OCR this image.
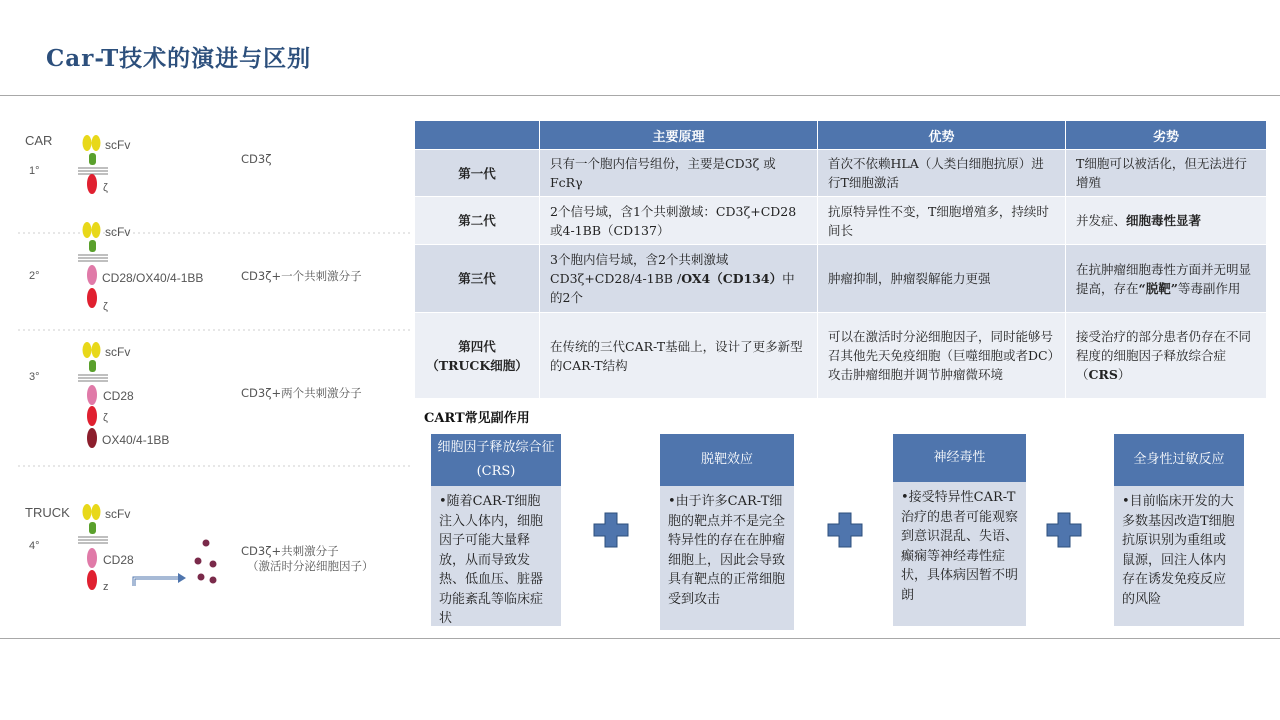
Car-T技术的演进与区别
CAR
1°
scFv
ζ
CD3ζ
2°
scFv
CD28/OX40/4-1BB
ζ
CD3ζ+一个共刺激分子
3°
scFv
CD28
ζ
OX40/4-1BB
CD3ζ+两个共刺激分子
TRUCK
4°
scFv
CD28
z
CD3ζ+共刺激分子
（激活时分泌细胞因子）
	主要原理	优势	劣势
第一代	只有一个胞内信号组份，主要是CD3ζ 或FcRγ	首次不依赖HLA（人类白细胞抗原）进行T细胞激活	T细胞可以被活化，但无法进行增殖
第二代	2个信号域，含1个共刺激域：CD3ζ+CD28或4-1BB（CD137）	抗原特异性不变，T细胞增殖多，持续时间长	并发症、细胞毒性显著
第三代	3个胞内信号域，含2个共刺激域CD3ζ+CD28/4-1BB /OX4（CD134）中的2个	肿瘤抑制，肿瘤裂解能力更强	在抗肿瘤细胞毒性方面并无明显提高，存在“脱靶”等毒副作用

第四代
（TRUCK细胞）	在传统的三代CAR-T基础上，设计了更多新型的CAR-T结构	可以在激活时分泌细胞因子，同时能够号召其他先天免疫细胞（巨噬细胞或者DC）攻击肿瘤细胞并调节肿瘤微环境	接受治疗的部分患者仍存在不同程度的细胞因子释放综合症（CRS）
CART常见副作用
细胞因子释放综合征(CRS)
•随着CAR-T细胞注入人体内，细胞因子可能大量释放，从而导致发热、低血压、脏器功能紊乱等临床症状
脱靶效应
•由于许多CAR-T细胞的靶点并不是完全特异性的存在在肿瘤细胞上，因此会导致具有靶点的正常细胞受到攻击
神经毒性
•接受特异性CAR-T治疗的患者可能观察到意识混乱、失语、癫痫等神经毒性症状，具体病因暂不明朗
全身性过敏反应
•目前临床开发的大多数基因改造T细胞抗原识别为重组或鼠源，回注人体内存在诱发免疫反应的风险
